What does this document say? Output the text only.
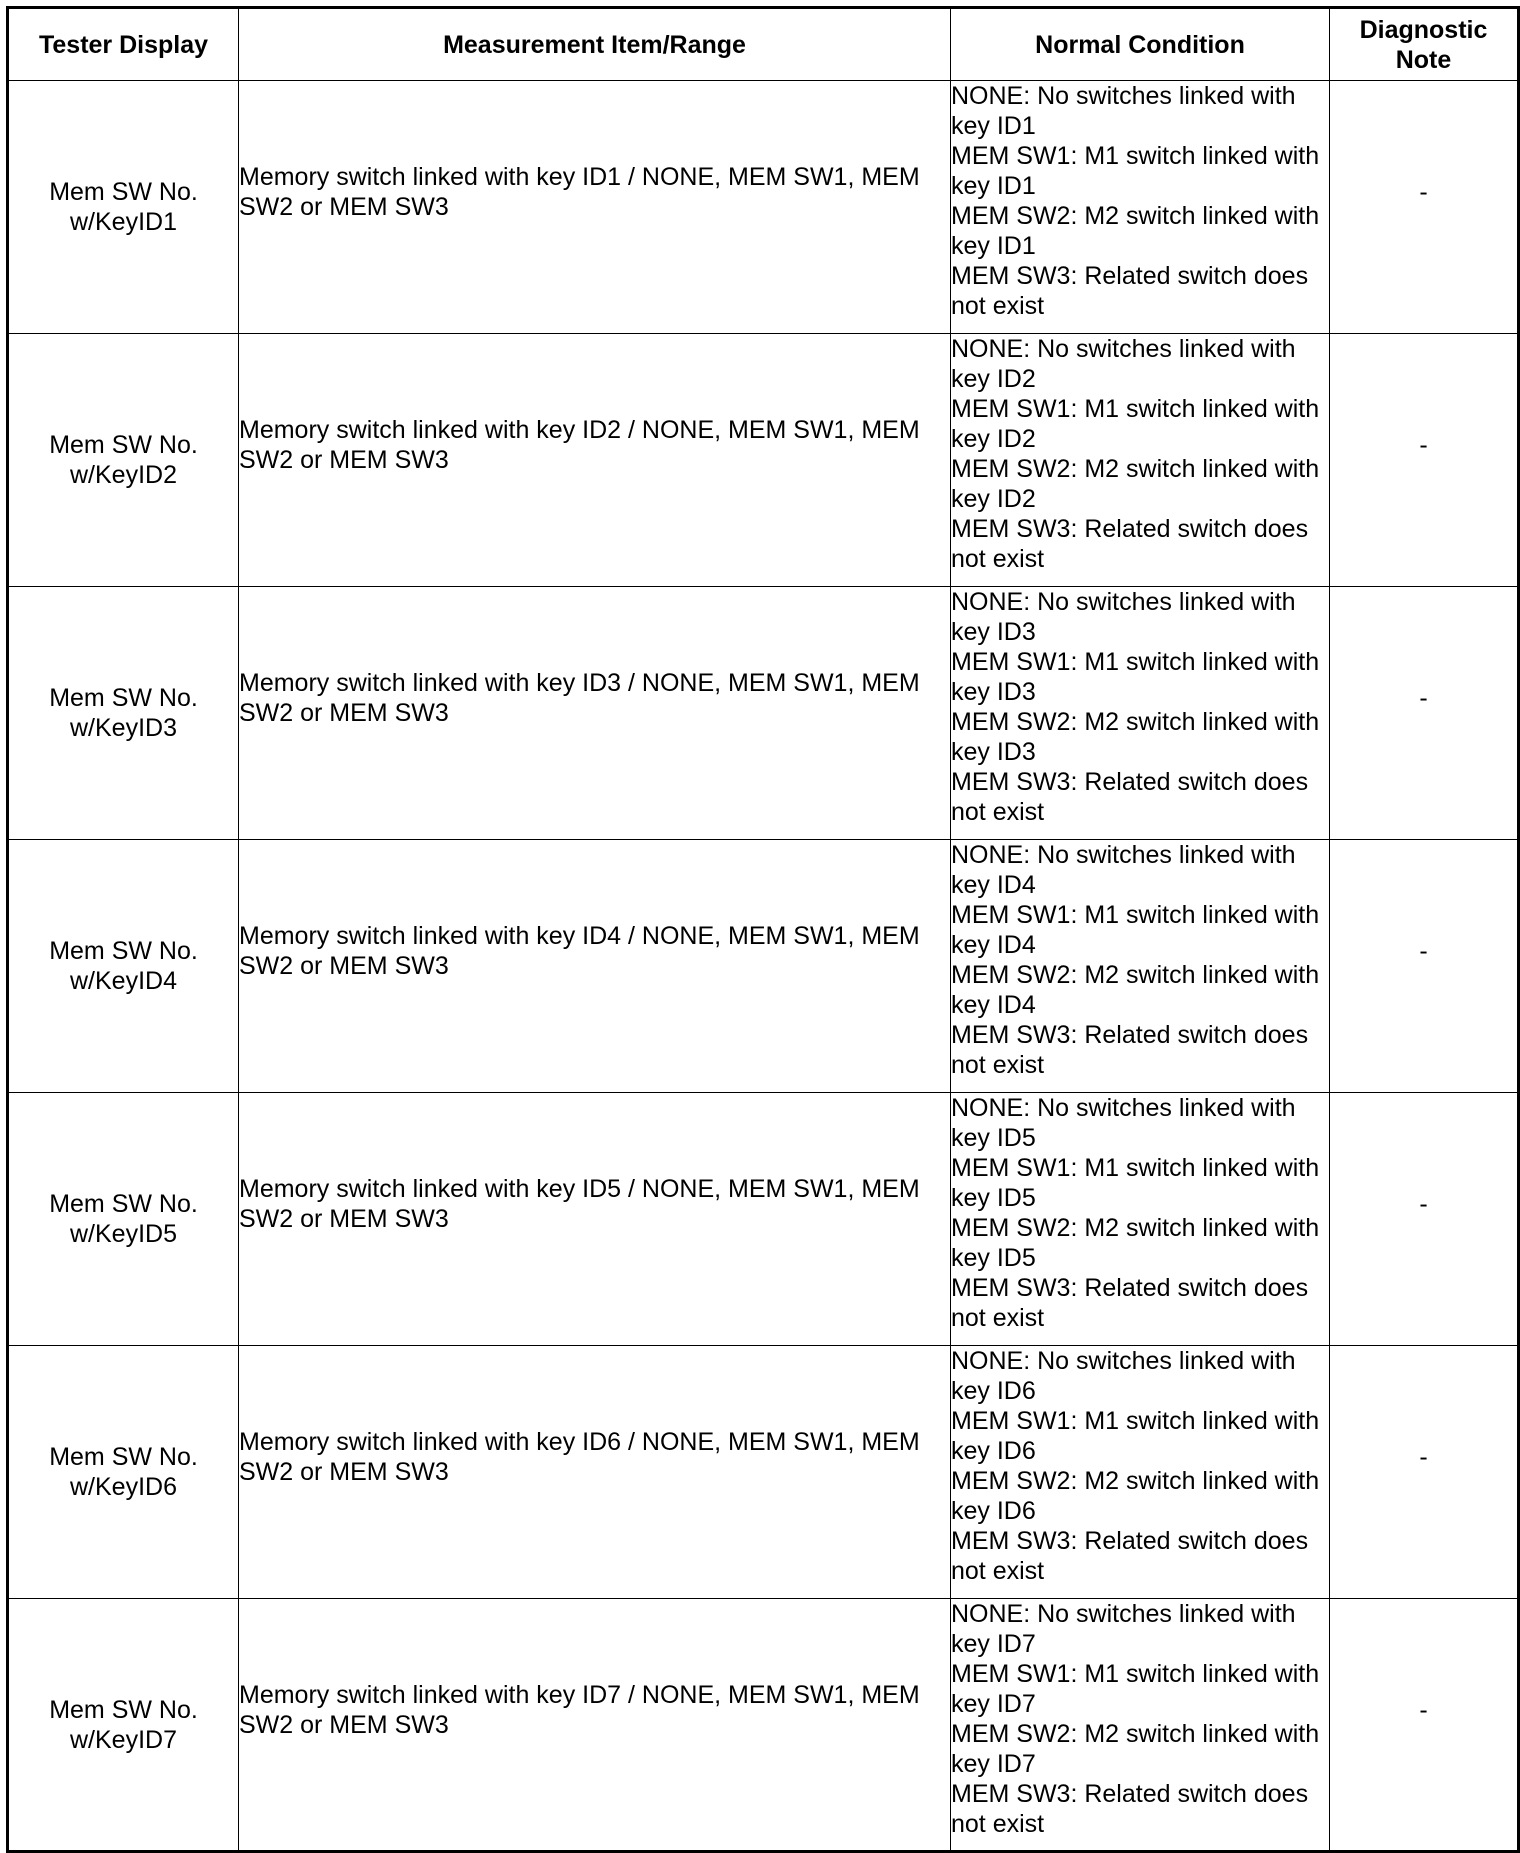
Tester Display	Measurement Item/Range	Normal Condition	Diagnostic Note

Mem SW No.
w/KeyID1	Memory switch linked with key ID1 / NONE, MEM SW1, MEM SW2 or MEM SW3	NONE: No switches linked with key ID1
MEM SW1: M1 switch linked with key ID1
MEM SW2: M2 switch linked with key ID1
MEM SW3: Related switch does not exist	-

Mem SW No.
w/KeyID2	Memory switch linked with key ID2 / NONE, MEM SW1, MEM SW2 or MEM SW3	NONE: No switches linked with key ID2
MEM SW1: M1 switch linked with key ID2
MEM SW2: M2 switch linked with key ID2
MEM SW3: Related switch does not exist	-

Mem SW No.
w/KeyID3	Memory switch linked with key ID3 / NONE, MEM SW1, MEM SW2 or MEM SW3	NONE: No switches linked with key ID3
MEM SW1: M1 switch linked with key ID3
MEM SW2: M2 switch linked with key ID3
MEM SW3: Related switch does not exist	-

Mem SW No.
w/KeyID4	Memory switch linked with key ID4 / NONE, MEM SW1, MEM SW2 or MEM SW3	NONE: No switches linked with key ID4
MEM SW1: M1 switch linked with key ID4
MEM SW2: M2 switch linked with key ID4
MEM SW3: Related switch does not exist	-

Mem SW No.
w/KeyID5	Memory switch linked with key ID5 / NONE, MEM SW1, MEM SW2 or MEM SW3	NONE: No switches linked with key ID5
MEM SW1: M1 switch linked with key ID5
MEM SW2: M2 switch linked with key ID5
MEM SW3: Related switch does not exist	-

Mem SW No.
w/KeyID6	Memory switch linked with key ID6 / NONE, MEM SW1, MEM SW2 or MEM SW3	NONE: No switches linked with key ID6
MEM SW1: M1 switch linked with key ID6
MEM SW2: M2 switch linked with key ID6
MEM SW3: Related switch does not exist	-

Mem SW No.
w/KeyID7	Memory switch linked with key ID7 / NONE, MEM SW1, MEM SW2 or MEM SW3	NONE: No switches linked with key ID7
MEM SW1: M1 switch linked with key ID7
MEM SW2: M2 switch linked with key ID7
MEM SW3: Related switch does not exist	-
